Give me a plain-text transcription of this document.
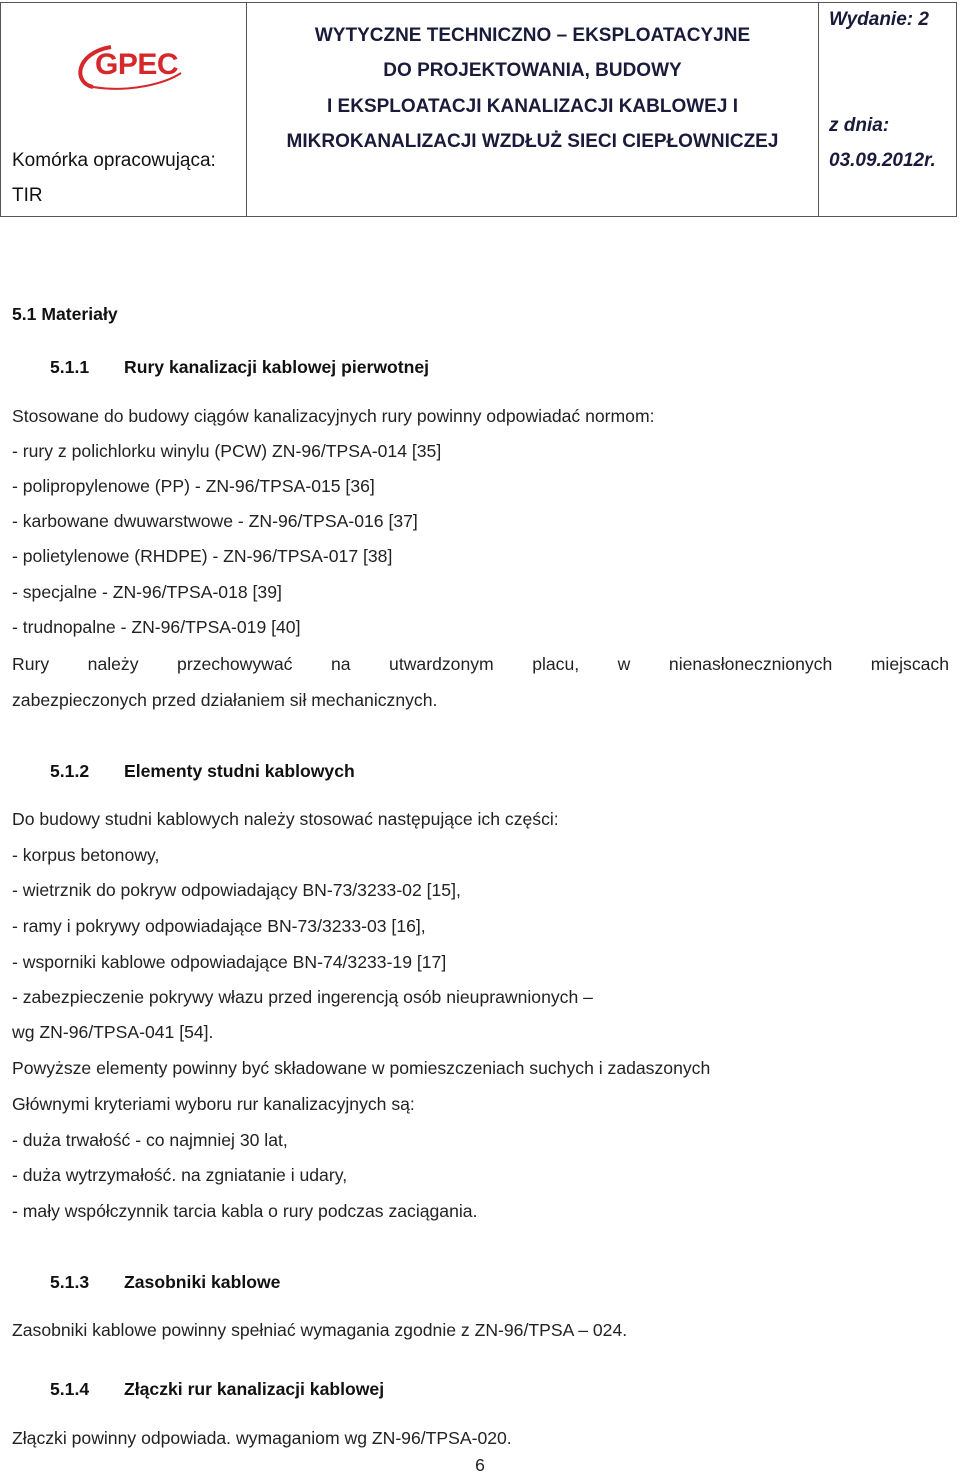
GPEC
Komórka opracowująca:
TIR
WYTYCZNE TECHNICZNO – EKSPLOATACYJNE
DO PROJEKTOWANIA, BUDOWY
I EKSPLOATACJI KANALIZACJI KABLOWEJ I
MIKROKANALIZACJI WZDŁUŻ SIECI CIEPŁOWNICZEJ
Wydanie: 2
z dnia:
03.09.2012r.
5.1 Materiały
5.1.1 Rury kanalizacji kablowej pierwotnej
Stosowane do budowy ciągów kanalizacyjnych rury powinny odpowiadać normom:
- rury z polichlorku winylu (PCW) ZN-96/TPSA-014 [35]
- polipropylenowe (PP) - ZN-96/TPSA-015 [36]
- karbowane dwuwarstwowe - ZN-96/TPSA-016 [37]
- polietylenowe (RHDPE) - ZN-96/TPSA-017 [38]
- specjalne - ZN-96/TPSA-018 [39]
- trudnopalne - ZN-96/TPSA-019 [40]
Rury należy przechowywać na utwardzonym placu, w nienasłonecznionych miejscach
zabezpieczonych przed działaniem sił mechanicznych.
5.1.2 Elementy studni kablowych
Do budowy studni kablowych należy stosować następujące ich części:
- korpus betonowy,
- wietrznik do pokryw odpowiadający BN-73/3233-02 [15],
- ramy i pokrywy odpowiadające BN-73/3233-03 [16],
- wsporniki kablowe odpowiadające BN-74/3233-19 [17]
- zabezpieczenie pokrywy włazu przed ingerencją osób nieuprawnionych –
wg ZN-96/TPSA-041 [54].
Powyższe elementy powinny być składowane w pomieszczeniach suchych i zadaszonych
Głównymi kryteriami wyboru rur kanalizacyjnych są:
- duża trwałość - co najmniej 30 lat,
- duża wytrzymałość. na zgniatanie i udary,
- mały współczynnik tarcia kabla o rury podczas zaciągania.
5.1.3 Zasobniki kablowe
Zasobniki kablowe powinny spełniać wymagania zgodnie z ZN-96/TPSA – 024.
5.1.4 Złączki rur kanalizacji kablowej
Złączki powinny odpowiada. wymaganiom wg ZN-96/TPSA-020.
6
